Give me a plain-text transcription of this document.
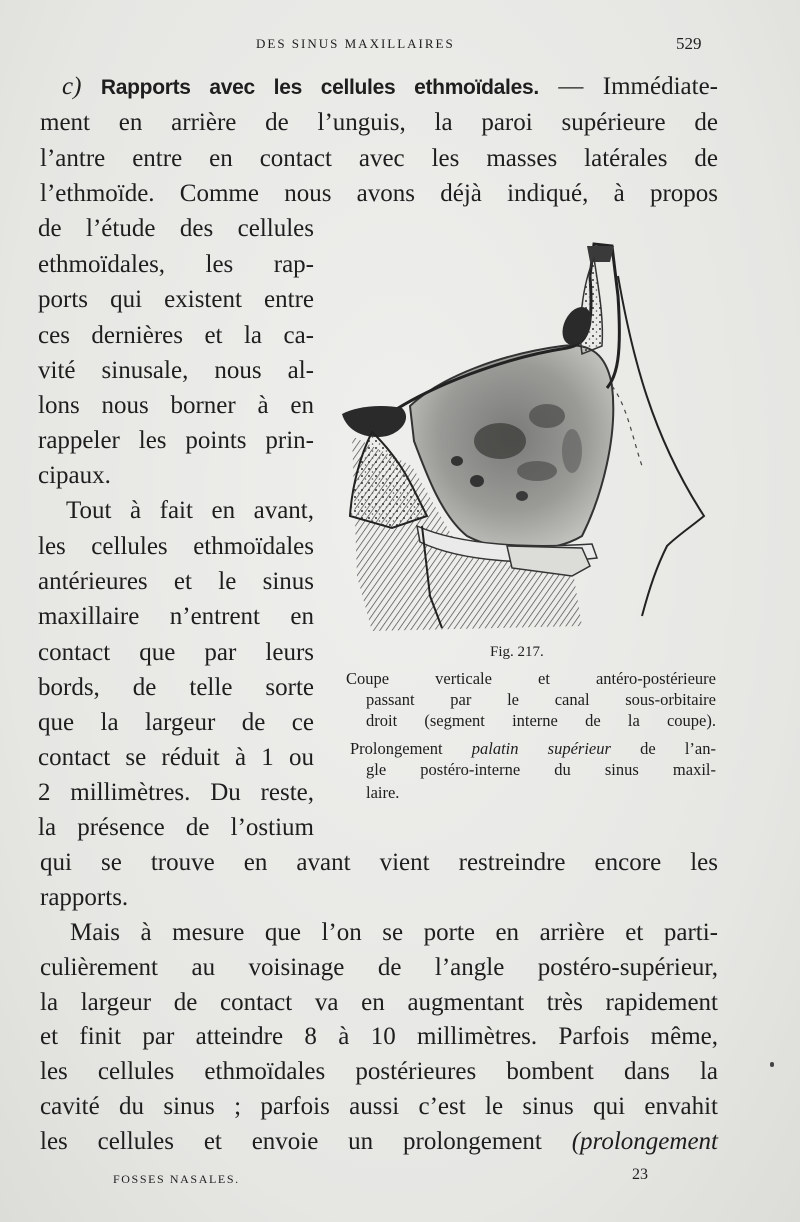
DES SINUS MAXILLAIRES	529
c) Rapports avec les cellules ethmoïdales. — Immédiate-
ment en arrière de l’unguis, la paroi supérieure de
l’antre entre en contact avec les masses latérales de
l’ethmoïde. Comme nous avons déjà indiqué, à propos
de l’étude des cellules
ethmoïdales, les rap-
ports qui existent entre
ces dernières et la ca-
vité sinusale, nous al-
lons nous borner à en
rappeler les points prin-
cipaux.
Tout à fait en avant,
les cellules ethmoïdales
antérieures et le sinus
maxillaire n’entrent en
contact que par leurs
bords, de telle sorte
que la largeur de ce
contact se réduit à 1 ou
2 millimètres. Du reste,
la présence de l’ostium
Fig. 217.
Coupe verticale et antéro-postérieure
passant par le canal sous-orbitaire
droit (segment interne de la coupe).
Prolongement palatin supérieur de l’an-
gle postéro-interne du sinus maxil-
laire.
qui se trouve en avant vient restreindre encore les
rapports.
Mais à mesure que l’on se porte en arrière et parti-
culièrement au voisinage de l’angle postéro-supérieur,
la largeur de contact va en augmentant très rapidement
et finit par atteindre 8 à 10 millimètres. Parfois même,
les cellules ethmoïdales postérieures bombent dans la
cavité du sinus ; parfois aussi c’est le sinus qui envahit
les cellules et envoie un prolongement (prolongement
FOSSES NASALES.	23
